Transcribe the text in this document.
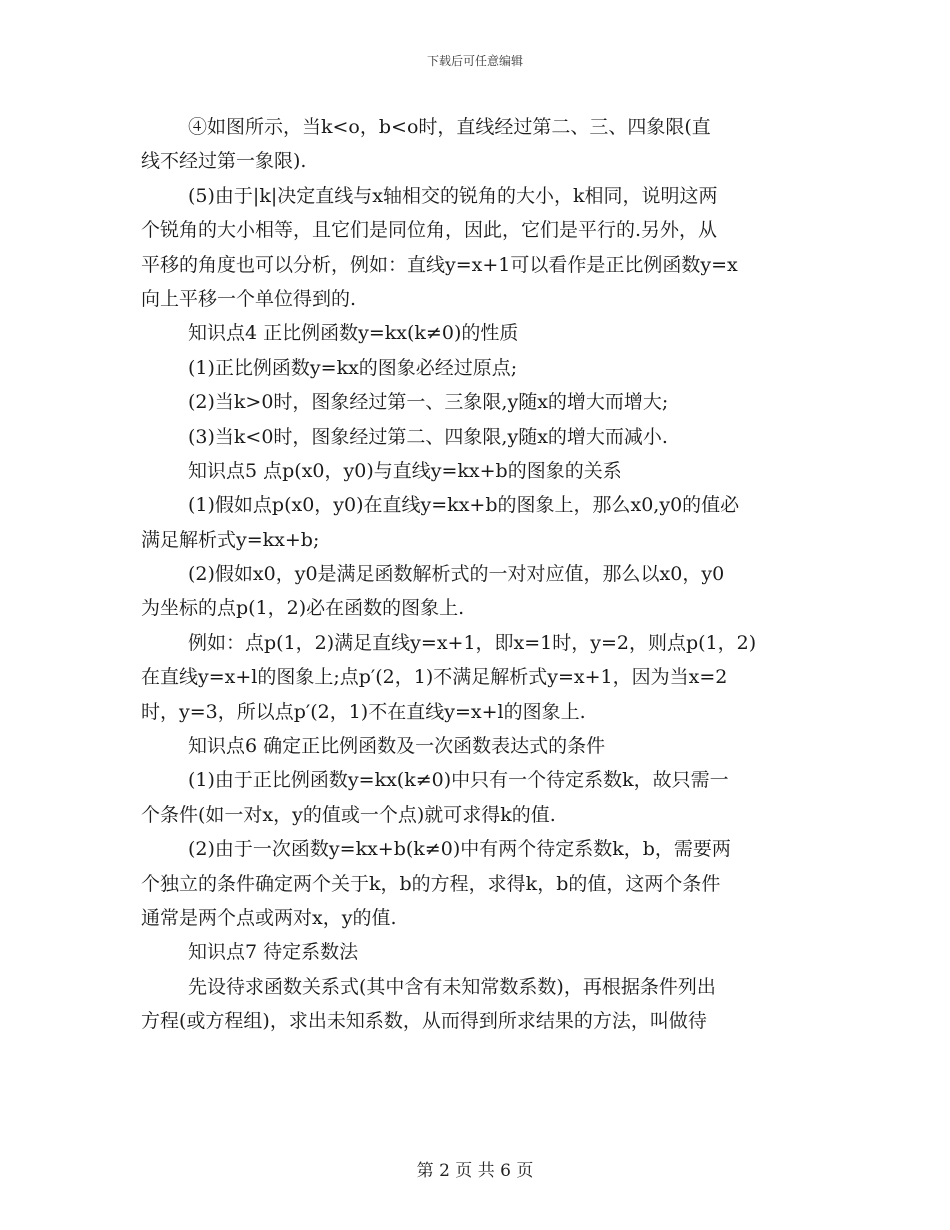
下载后可任意编辑
④如图所示，当k<o，b<o时，直线经过第二、三、四象限(直
线不经过第一象限).
(5)由于|k|决定直线与x轴相交的锐角的大小，k相同，说明这两
个锐角的大小相等，且它们是同位角，因此，它们是平行的.另外，从
平移的角度也可以分析，例如：直线y=x+1可以看作是正比例函数y=x
向上平移一个单位得到的.
知识点4 正比例函数y=kx(k≠0)的性质
(1)正比例函数y=kx的图象必经过原点;
(2)当k>0时，图象经过第一、三象限,y随x的增大而增大;
(3)当k<0时，图象经过第二、四象限,y随x的增大而减小.
知识点5 点p(x0，y0)与直线y=kx+b的图象的关系
(1)假如点p(x0，y0)在直线y=kx+b的图象上，那么x0,y0的值必
满足解析式y=kx+b;
(2)假如x0，y0是满足函数解析式的一对对应值，那么以x0，y0
为坐标的点p(1，2)必在函数的图象上.
例如：点p(1，2)满足直线y=x+1，即x=1时，y=2，则点p(1，2)
在直线y=x+l的图象上;点p′(2，1)不满足解析式y=x+1，因为当x=2
时，y=3，所以点p′(2，1)不在直线y=x+l的图象上.
知识点6 确定正比例函数及一次函数表达式的条件
(1)由于正比例函数y=kx(k≠0)中只有一个待定系数k，故只需一
个条件(如一对x，y的值或一个点)就可求得k的值.
(2)由于一次函数y=kx+b(k≠0)中有两个待定系数k，b，需要两
个独立的条件确定两个关于k，b的方程，求得k，b的值，这两个条件
通常是两个点或两对x，y的值.
知识点7 待定系数法
先设待求函数关系式(其中含有未知常数系数)，再根据条件列出
方程(或方程组)，求出未知系数，从而得到所求结果的方法，叫做待
第 2 页 共 6 页
